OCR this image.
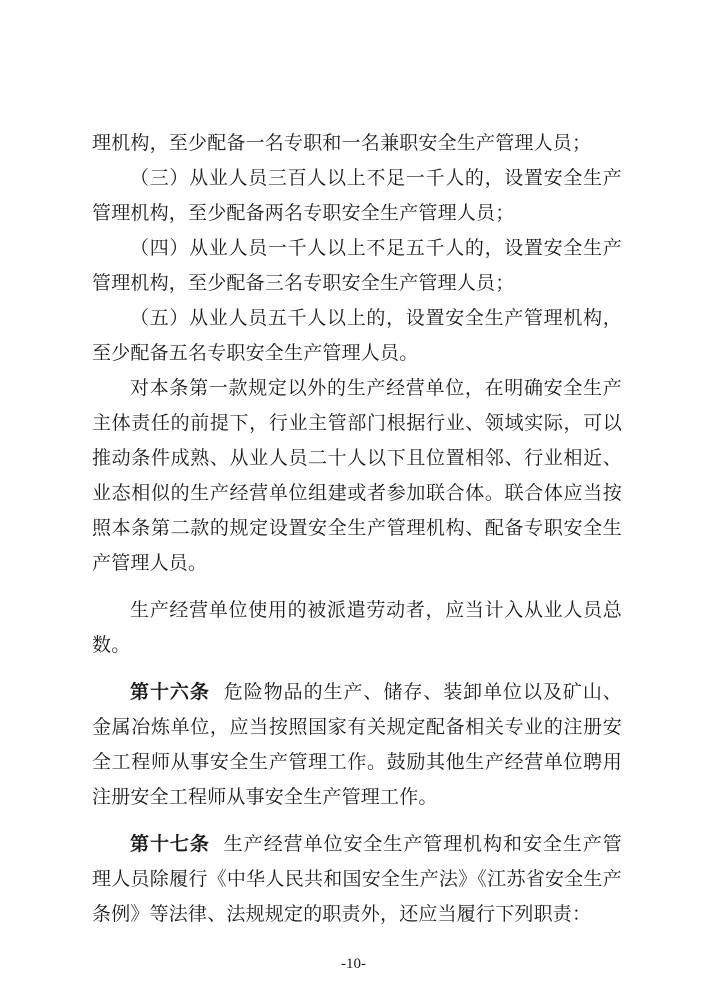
理机构，至少配备一名专职和一名兼职安全生产管理人员；

（三）从业人员三百人以上不足一千人的，设置安全生产管理机构，至少配备两名专职安全生产管理人员；

（四）从业人员一千人以上不足五千人的，设置安全生产管理机构，至少配备三名专职安全生产管理人员；

（五）从业人员五千人以上的，设置安全生产管理机构，至少配备五名专职安全生产管理人员。

对本条第一款规定以外的生产经营单位，在明确安全生产主体责任的前提下，行业主管部门根据行业、领域实际，可以推动条件成熟、从业人员二十人以下且位置相邻、行业相近、业态相似的生产经营单位组建或者参加联合体。联合体应当按照本条第二款的规定设置安全生产管理机构、配备专职安全生产管理人员。

生产经营单位使用的被派遣劳动者，应当计入从业人员总数。

第十六条 危险物品的生产、储存、装卸单位以及矿山、金属冶炼单位，应当按照国家有关规定配备相关专业的注册安全工程师从事安全生产管理工作。鼓励其他生产经营单位聘用注册安全工程师从事安全生产管理工作。

第十七条 生产经营单位安全生产管理机构和安全生产管理人员除履行《中华人民共和国安全生产法》《江苏省安全生产条例》等法律、法规规定的职责外，还应当履行下列职责：

-10-
